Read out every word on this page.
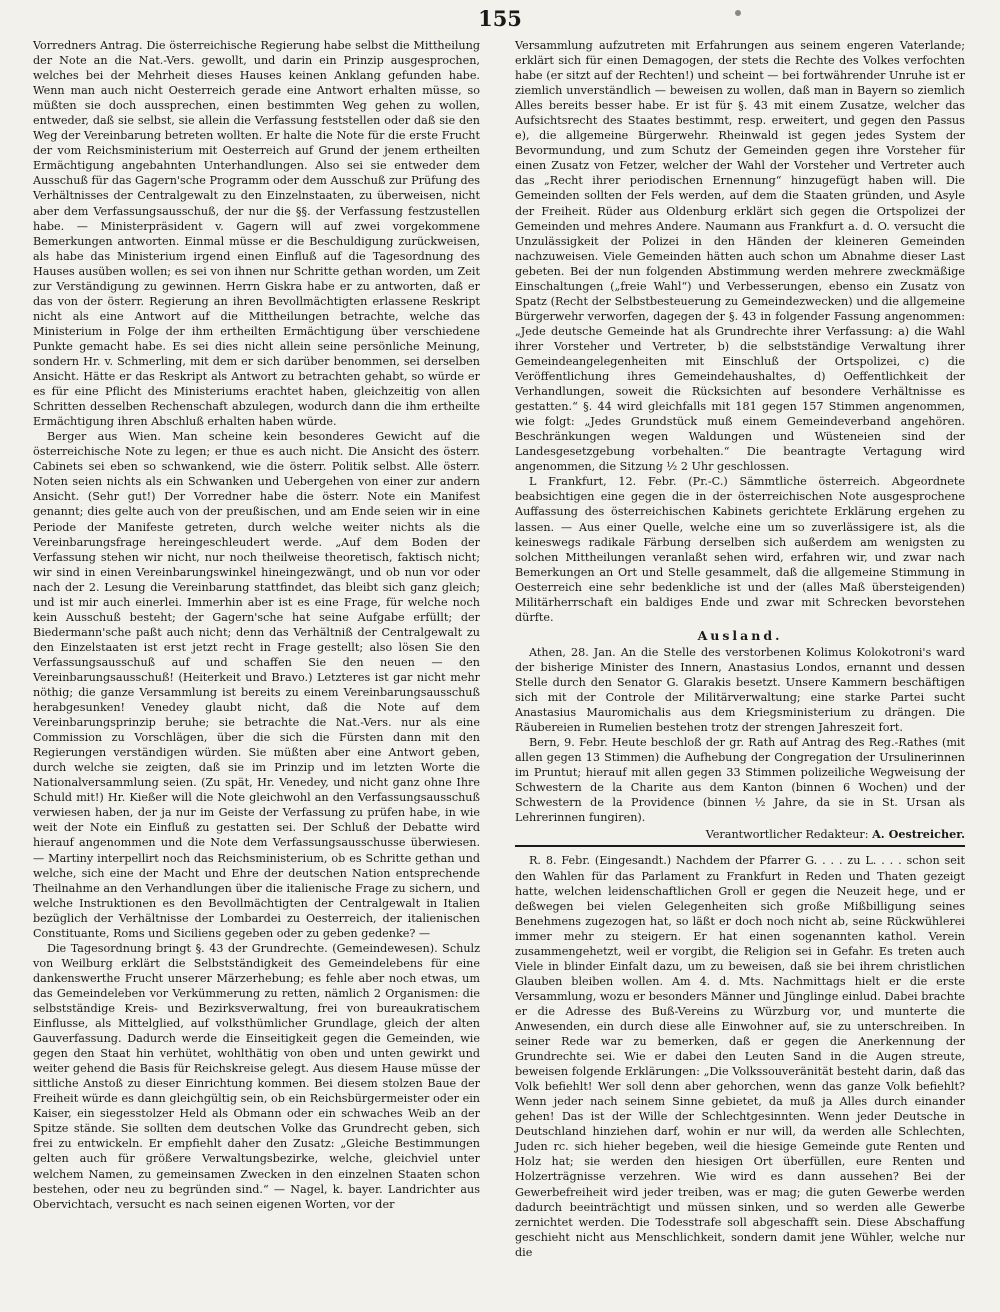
155

Vorredners Antrag. Die österreichische Regierung habe selbst die Mittheilung der Note an die Nat.-Vers. gewollt, und darin ein Prinzip ausgesprochen, welches bei der Mehrheit dieses Hauses keinen Anklang gefunden habe. Wenn man auch nicht Oesterreich gerade eine Antwort erhalten müsse, so müßten sie doch aussprechen, einen bestimmten Weg gehen zu wollen, entweder, daß sie selbst, sie allein die Verfassung feststellen oder daß sie den Weg der Vereinbarung betreten wollten. Er halte die Note für die erste Frucht der vom Reichsministerium mit Oesterreich auf Grund der jenem ertheilten Ermächtigung angebahnten Unterhandlungen. Also sei sie entweder dem Ausschuß für das Gagern'sche Programm oder dem Ausschuß zur Prüfung des Verhältnisses der Centralgewalt zu den Einzelnstaaten, zu überweisen, nicht aber dem Verfassungsausschuß, der nur die §§. der Verfassung festzustellen habe. — Ministerpräsident v. Gagern will auf zwei vorgekommene Bemerkungen antworten. Einmal müsse er die Beschuldigung zurückweisen, als habe das Ministerium irgend einen Einfluß auf die Tagesordnung des Hauses ausüben wollen; es sei von ihnen nur Schritte gethan worden, um Zeit zur Verständigung zu gewinnen. Herrn Giskra habe er zu antworten, daß er das von der österr. Regierung an ihren Bevollmächtigten erlassene Reskript nicht als eine Antwort auf die Mittheilungen betrachte, welche das Ministerium in Folge der ihm ertheilten Ermächtigung über verschiedene Punkte gemacht habe. Es sei dies nicht allein seine persönliche Meinung, sondern Hr. v. Schmerling, mit dem er sich darüber benommen, sei derselben Ansicht. Hätte er das Reskript als Antwort zu betrachten gehabt, so würde er es für eine Pflicht des Ministeriums erachtet haben, gleichzeitig von allen Schritten desselben Rechenschaft abzulegen, wodurch dann die ihm ertheilte Ermächtigung ihren Abschluß erhalten haben würde.

Berger aus Wien. Man scheine kein besonderes Gewicht auf die österreichische Note zu legen; er thue es auch nicht. Die Ansicht des österr. Cabinets sei eben so schwankend, wie die österr. Politik selbst. Alle österr. Noten seien nichts als ein Schwanken und Uebergehen von einer zur andern Ansicht. (Sehr gut!) Der Vorredner habe die österr. Note ein Manifest genannt; dies gelte auch von der preußischen, und am Ende seien wir in eine Periode der Manifeste getreten, durch welche weiter nichts als die Vereinbarungsfrage hereingeschleudert werde. „Auf dem Boden der Verfassung stehen wir nicht, nur noch theilweise theoretisch, faktisch nicht; wir sind in einen Vereinbarungswinkel hineingezwängt, und ob nun vor oder nach der 2. Lesung die Vereinbarung stattfindet, das bleibt sich ganz gleich; und ist mir auch einerlei. Immerhin aber ist es eine Frage, für welche noch kein Ausschuß besteht; der Gagern'sche hat seine Aufgabe erfüllt; der Biedermann'sche paßt auch nicht; denn das Verhältniß der Centralgewalt zu den Einzelstaaten ist erst jetzt recht in Frage gestellt; also lösen Sie den Verfassungsausschuß auf und schaffen Sie den neuen — den Vereinbarungsausschuß! (Heiterkeit und Bravo.) Letzteres ist gar nicht mehr nöthig; die ganze Versammlung ist bereits zu einem Vereinbarungsausschuß herabgesunken! Venedey glaubt nicht, daß die Note auf dem Vereinbarungsprinzip beruhe; sie betrachte die Nat.-Vers. nur als eine Commission zu Vorschlägen, über die sich die Fürsten dann mit den Regierungen verständigen würden. Sie müßten aber eine Antwort geben, durch welche sie zeigten, daß sie im Prinzip und im letzten Worte die Nationalversammlung seien. (Zu spät, Hr. Venedey, und nicht ganz ohne Ihre Schuld mit!) Hr. Kießer will die Note gleichwohl an den Verfassungsausschuß verwiesen haben, der ja nur im Geiste der Verfassung zu prüfen habe, in wie weit der Note ein Einfluß zu gestatten sei. Der Schluß der Debatte wird hierauf angenommen und die Note dem Verfassungsausschusse überwiesen. — Martiny interpellirt noch das Reichsministerium, ob es Schritte gethan und welche, sich eine der Macht und Ehre der deutschen Nation entsprechende Theilnahme an den Verhandlungen über die italienische Frage zu sichern, und welche Instruktionen es den Bevollmächtigten der Centralgewalt in Italien bezüglich der Verhältnisse der Lombardei zu Oesterreich, der italienischen Constituante, Roms und Siciliens gegeben oder zu geben gedenke? —

Die Tagesordnung bringt §. 43 der Grundrechte. (Gemeindewesen). Schulz von Weilburg erklärt die Selbstständigkeit des Gemeindelebens für eine dankenswerthe Frucht unserer Märzerhebung; es fehle aber noch etwas, um das Gemeindeleben vor Verkümmerung zu retten, nämlich 2 Organismen: die selbstständige Kreis- und Bezirksverwaltung, frei von bureaukratischem Einflusse, als Mittelglied, auf volksthümlicher Grundlage, gleich der alten Gauverfassung. Dadurch werde die Einseitigkeit gegen die Gemeinden, wie gegen den Staat hin verhütet, wohlthätig von oben und unten gewirkt und weiter gehend die Basis für Reichskreise gelegt. Aus diesem Hause müsse der sittliche Anstoß zu dieser Einrichtung kommen. Bei diesem stolzen Baue der Freiheit würde es dann gleichgültig sein, ob ein Reichsbürgermeister oder ein Kaiser, ein siegesstolzer Held als Obmann oder ein schwaches Weib an der Spitze stände. Sie sollten dem deutschen Volke das Grundrecht geben, sich frei zu entwickeln. Er empfiehlt daher den Zusatz: „Gleiche Bestimmungen gelten auch für größere Verwaltungsbezirke, welche, gleichviel unter welchem Namen, zu gemeinsamen Zwecken in den einzelnen Staaten schon bestehen, oder neu zu begründen sind.“ — Nagel, k. bayer. Landrichter aus Obervichtach, versucht es nach seinen eigenen Worten, vor der

Versammlung aufzutreten mit Erfahrungen aus seinem engeren Vaterlande; erklärt sich für einen Demagogen, der stets die Rechte des Volkes verfochten habe (er sitzt auf der Rechten!) und scheint — bei fortwährender Unruhe ist er ziemlich unverständlich — beweisen zu wollen, daß man in Bayern so ziemlich Alles bereits besser habe. Er ist für §. 43 mit einem Zusatze, welcher das Aufsichtsrecht des Staates bestimmt, resp. erweitert, und gegen den Passus e), die allgemeine Bürgerwehr. Rheinwald ist gegen jedes System der Bevormundung, und zum Schutz der Gemeinden gegen ihre Vorsteher für einen Zusatz von Fetzer, welcher der Wahl der Vorsteher und Vertreter auch das „Recht ihrer periodischen Ernennung“ hinzugefügt haben will. Die Gemeinden sollten der Fels werden, auf dem die Staaten gründen, und Asyle der Freiheit. Rüder aus Oldenburg erklärt sich gegen die Ortspolizei der Gemeinden und mehres Andere. Naumann aus Frankfurt a. d. O. versucht die Unzulässigkeit der Polizei in den Händen der kleineren Gemeinden nachzuweisen. Viele Gemeinden hätten auch schon um Abnahme dieser Last gebeten. Bei der nun folgenden Abstimmung werden mehrere zweckmäßige Einschaltungen („freie Wahl“) und Verbesserungen, ebenso ein Zusatz von Spatz (Recht der Selbstbesteuerung zu Gemeindezwecken) und die allgemeine Bürgerwehr verworfen, dagegen der §. 43 in folgender Fassung angenommen: „Jede deutsche Gemeinde hat als Grundrechte ihrer Verfassung: a) die Wahl ihrer Vorsteher und Vertreter, b) die selbstständige Verwaltung ihrer Gemeindeangelegenheiten mit Einschluß der Ortspolizei, c) die Veröffentlichung ihres Gemeindehaushaltes, d) Oeffentlichkeit der Verhandlungen, soweit die Rücksichten auf besondere Verhältnisse es gestatten.“ §. 44 wird gleichfalls mit 181 gegen 157 Stimmen angenommen, wie folgt: „Jedes Grundstück muß einem Gemeindeverband angehören. Beschränkungen wegen Waldungen und Wüsteneien sind der Landesgesetzgebung vorbehalten.“ Die beantragte Vertagung wird angenommen, die Sitzung ½ 2 Uhr geschlossen.

L Frankfurt, 12. Febr. (Pr.-C.) Sämmtliche österreich. Abgeordnete beabsichtigen eine gegen die in der österreichischen Note ausgesprochene Auffassung des österreichischen Kabinets gerichtete Erklärung ergehen zu lassen. — Aus einer Quelle, welche eine um so zuverlässigere ist, als die keineswegs radikale Färbung derselben sich außerdem am wenigsten zu solchen Mittheilungen veranlaßt sehen wird, erfahren wir, und zwar nach Bemerkungen an Ort und Stelle gesammelt, daß die allgemeine Stimmung in Oesterreich eine sehr bedenkliche ist und der (alles Maß übersteigenden) Militärherrschaft ein baldiges Ende und zwar mit Schrecken bevorstehen dürfte.

Ausland.

Athen, 28. Jan. An die Stelle des verstorbenen Kolimus Kolokotroni's ward der bisherige Minister des Innern, Anastasius Londos, ernannt und dessen Stelle durch den Senator G. Glarakis besetzt. Unsere Kammern beschäftigen sich mit der Controle der Militärverwaltung; eine starke Partei sucht Anastasius Mauromichalis aus dem Kriegsministerium zu drängen. Die Räubereien in Rumelien bestehen trotz der strengen Jahreszeit fort.

Bern, 9. Febr. Heute beschloß der gr. Rath auf Antrag des Reg.-Rathes (mit allen gegen 13 Stimmen) die Aufhebung der Congregation der Ursulinerinnen im Pruntut; hierauf mit allen gegen 33 Stimmen polizeiliche Wegweisung der Schwestern de la Charite aus dem Kanton (binnen 6 Wochen) und der Schwestern de la Providence (binnen ½ Jahre, da sie in St. Ursan als Lehrerinnen fungiren).

Verantwortlicher Redakteur: A. Oestreicher.

R. 8. Febr. (Eingesandt.) Nachdem der Pfarrer G. . . . zu L. . . . schon seit den Wahlen für das Parlament zu Frankfurt in Reden und Thaten gezeigt hatte, welchen leidenschaftlichen Groll er gegen die Neuzeit hege, und er deßwegen bei vielen Gelegenheiten sich große Mißbilligung seines Benehmens zugezogen hat, so läßt er doch noch nicht ab, seine Rückwühlerei immer mehr zu steigern. Er hat einen sogenannten kathol. Verein zusammengehetzt, weil er vorgibt, die Religion sei in Gefahr. Es treten auch Viele in blinder Einfalt dazu, um zu beweisen, daß sie bei ihrem christlichen Glauben bleiben wollen. Am 4. d. Mts. Nachmittags hielt er die erste Versammlung, wozu er besonders Männer und Jünglinge einlud. Dabei brachte er die Adresse des Buß-Vereins zu Würzburg vor, und munterte die Anwesenden, ein durch diese alle Einwohner auf, sie zu unterschreiben. In seiner Rede war zu bemerken, daß er gegen die Anerkennung der Grundrechte sei. Wie er dabei den Leuten Sand in die Augen streute, beweisen folgende Erklärungen: „Die Volkssouveränität besteht darin, daß das Volk befiehlt! Wer soll denn aber gehorchen, wenn das ganze Volk befiehlt? Wenn jeder nach seinem Sinne gebietet, da muß ja Alles durch einander gehen! Das ist der Wille der Schlechtgesinnten. Wenn jeder Deutsche in Deutschland hinziehen darf, wohin er nur will, da werden alle Schlechten, Juden rc. sich hieher begeben, weil die hiesige Gemeinde gute Renten und Holz hat; sie werden den hiesigen Ort überfüllen, eure Renten und Holzerträgnisse verzehren. Wie wird es dann aussehen? Bei der Gewerbefreiheit wird jeder treiben, was er mag; die guten Gewerbe werden dadurch beeinträchtigt und müssen sinken, und so werden alle Gewerbe zernichtet werden. Die Todesstrafe soll abgeschafft sein. Diese Abschaffung geschieht nicht aus Menschlichkeit, sondern damit jene Wühler, welche nur die
